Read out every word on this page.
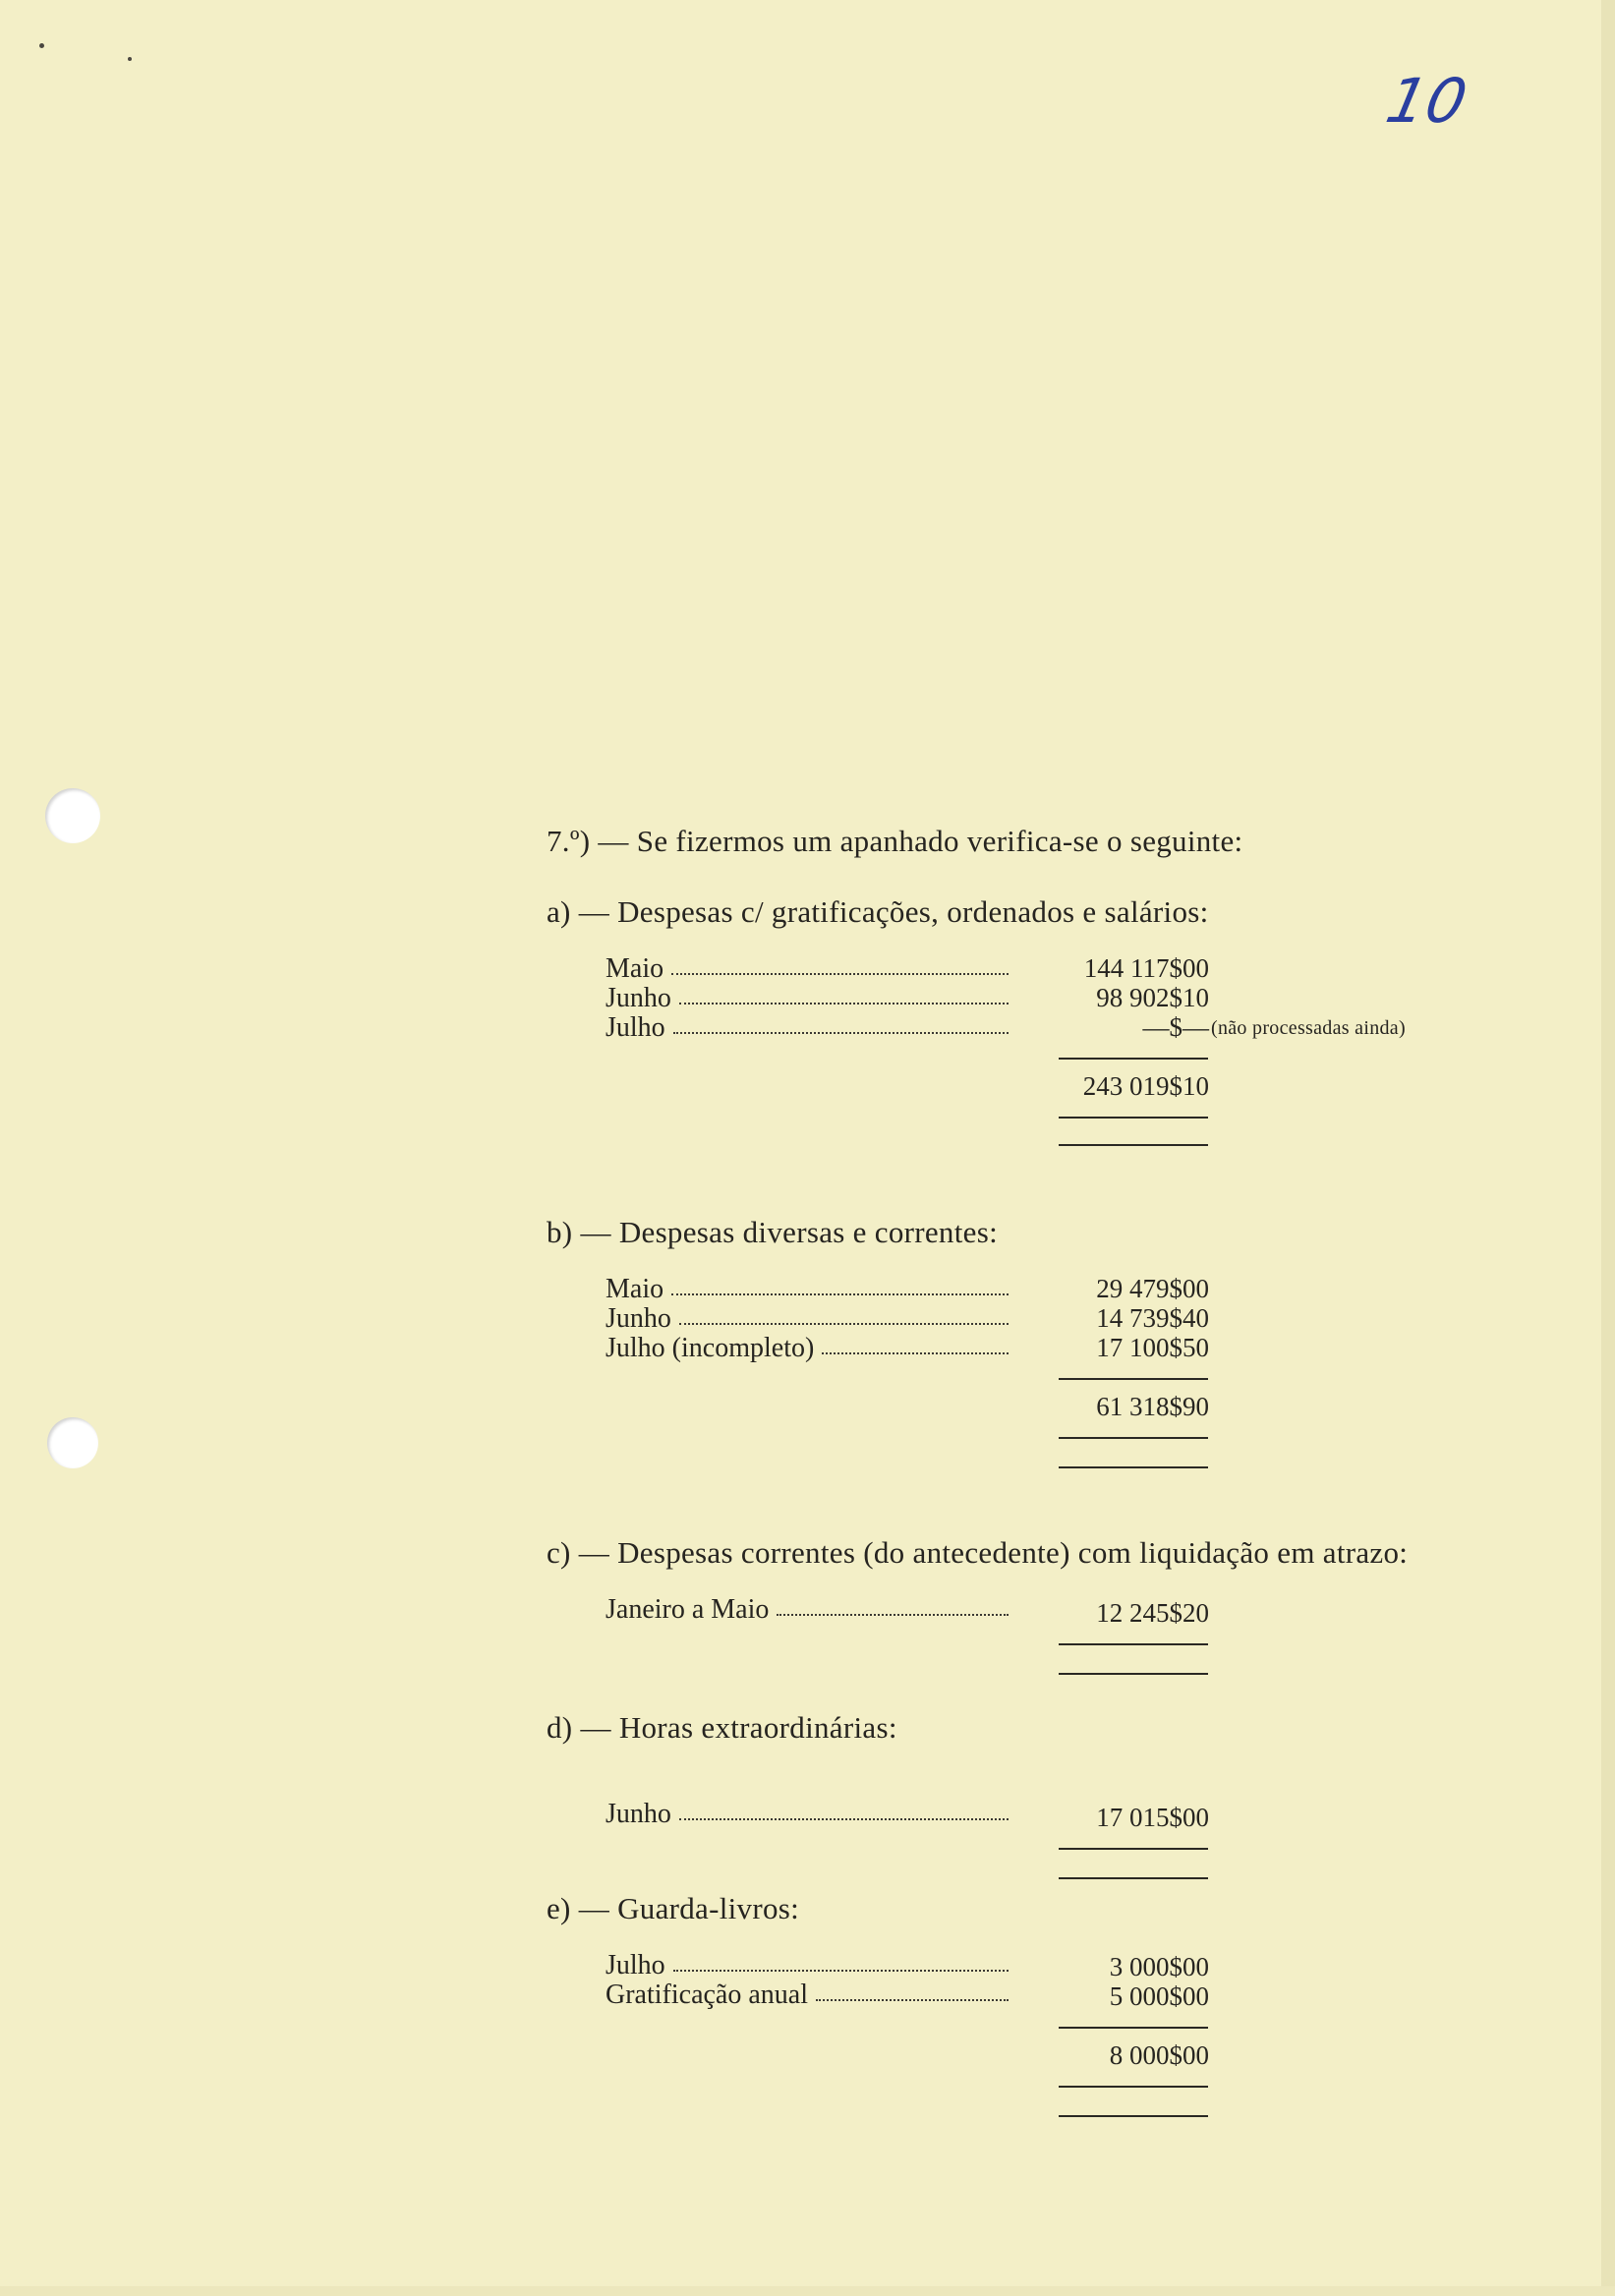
10
7.º) — Se fizermos um apanhado verifica-se o seguinte:
a) — Despesas c/ gratificações, ordenados e salários:
Maio	144 117$00
Junho	98 902$10
Julho	—$— (não processadas ainda)
243 019$10
b) — Despesas diversas e correntes:
Maio	29 479$00
Junho	14 739$40
Julho (incompleto)	17 100$50
61 318$90
c) — Despesas correntes (do antecedente) com liquidação em atrazo:
Janeiro a Maio	12 245$20
d) — Horas extraordinárias:
Junho	17 015$00
e) — Guarda-livros:
Julho	3 000$00
Gratificação anual	5 000$00
8 000$00
